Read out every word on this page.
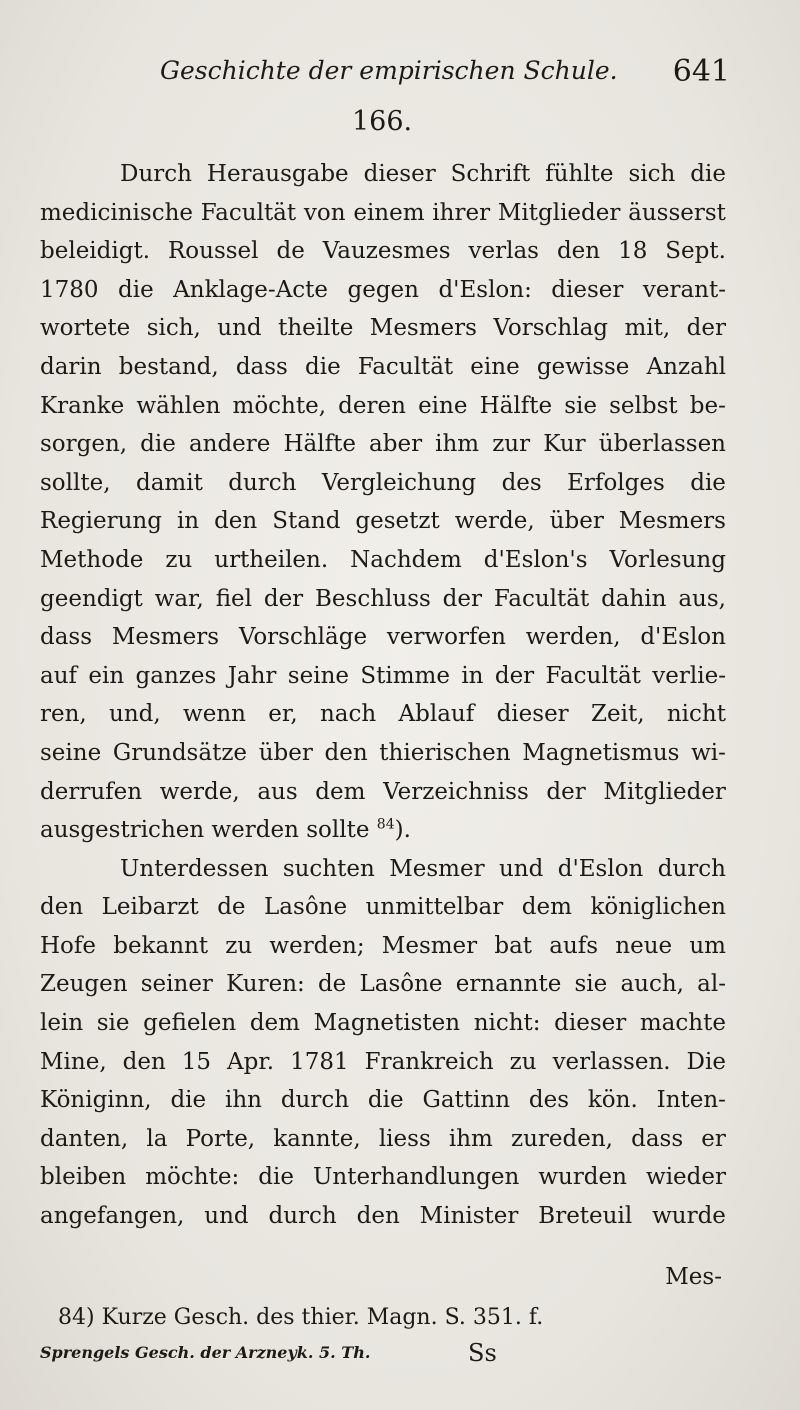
Geschichte der empirischen Schule. 641
166.
Durch Herausgabe dieser Schrift fühlte sich die
medicinische Facultät von einem ihrer Mitglieder äusserst
beleidigt. Roussel de Vauzesmes verlas den 18 Sept.
1780 die Anklage-Acte gegen d'Eslon: dieser verant-
wortete sich, und theilte Mesmers Vorschlag mit, der
darin bestand, dass die Facultät eine gewisse Anzahl
Kranke wählen möchte, deren eine Hälfte sie selbst be-
sorgen, die andere Hälfte aber ihm zur Kur überlassen
sollte, damit durch Vergleichung des Erfolges die
Regierung in den Stand gesetzt werde, über Mesmers
Methode zu urtheilen. Nachdem d'Eslon's Vorlesung
geendigt war, fiel der Beschluss der Facultät dahin aus,
dass Mesmers Vorschläge verworfen werden, d'Eslon
auf ein ganzes Jahr seine Stimme in der Facultät verlie-
ren, und, wenn er, nach Ablauf dieser Zeit, nicht
seine Grundsätze über den thierischen Magnetismus wi-
derrufen werde, aus dem Verzeichniss der Mitglieder
ausgestrichen werden sollte $^{84}$).
Unterdessen suchten Mesmer und d'Eslon durch
den Leibarzt de Lasône unmittelbar dem königlichen
Hofe bekannt zu werden; Mesmer bat aufs neue um
Zeugen seiner Kuren: de Lasône ernannte sie auch, al-
lein sie gefielen dem Magnetisten nicht: dieser machte
Mine, den 15 Apr. 1781 Frankreich zu verlassen. Die
Königinn, die ihn durch die Gattinn des kön. Inten-
danten, la Porte, kannte, liess ihm zureden, dass er
bleiben möchte: die Unterhandlungen wurden wieder
angefangen, und durch den Minister Breteuil wurde
Mes-
84) Kurze Gesch. des thier. Magn. S. 351. f.
Sprengels Gesch. der Arzneyk. 5. Th.	Ss
